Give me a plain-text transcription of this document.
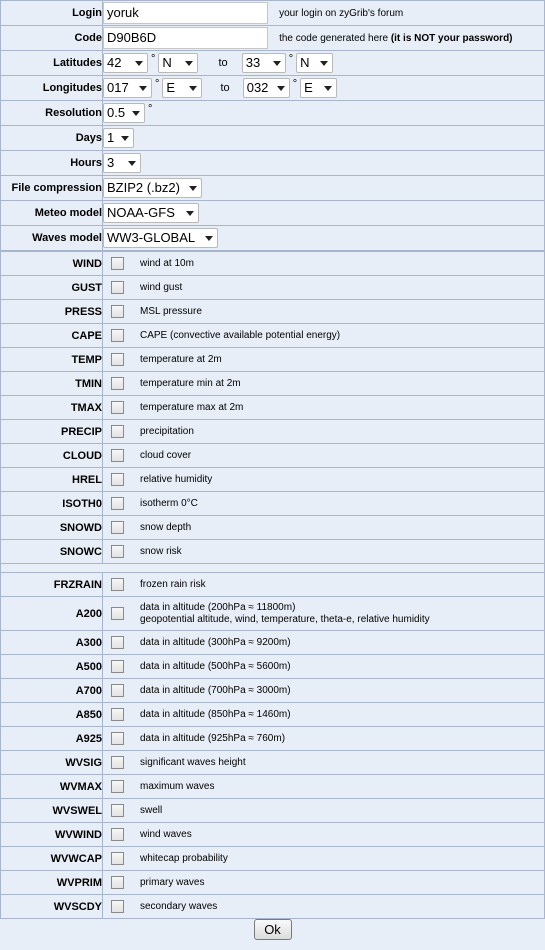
Login	yoruk your login on zyGrib's forum
Code	D90B6D the code generated here (it is NOT your password)
Latitudes	42 ° N to 33 ° N

Longitudes	017 ° E to 032 ° E

Resolution	0.5 °
Days	1

Hours	3

File compression	BZIP2 (.bz2)

Meteo model	NOAA-GFS

Waves model	WW3-GLOBAL
WIND	wind at 10m
GUST	wind gust
PRESS	MSL pressure
CAPE	CAPE (convective available potential energy)
TEMP	temperature at 2m
TMIN	temperature min at 2m
TMAX	temperature max at 2m
PRECIP	precipitation
CLOUD	cloud cover
HREL	relative humidity
ISOTH0	isotherm 0°C
SNOWD	snow depth
SNOWC	snow risk
FRZRAIN	frozen rain risk
A200	data in altitude (200hPa ≈ 11800m)
geopotential altitude, wind, temperature, theta-e, relative humidity
A300	data in altitude (300hPa ≈ 9200m)
A500	data in altitude (500hPa ≈ 5600m)
A700	data in altitude (700hPa ≈ 3000m)
A850	data in altitude (850hPa ≈ 1460m)
A925	data in altitude (925hPa ≈ 760m)
WVSIG	significant waves height
WVMAX	maximum waves
WVSWEL	swell
WVWIND	wind waves
WVWCAP	whitecap probability
WVPRIM	primary waves
WVSCDY	secondary waves
Ok
